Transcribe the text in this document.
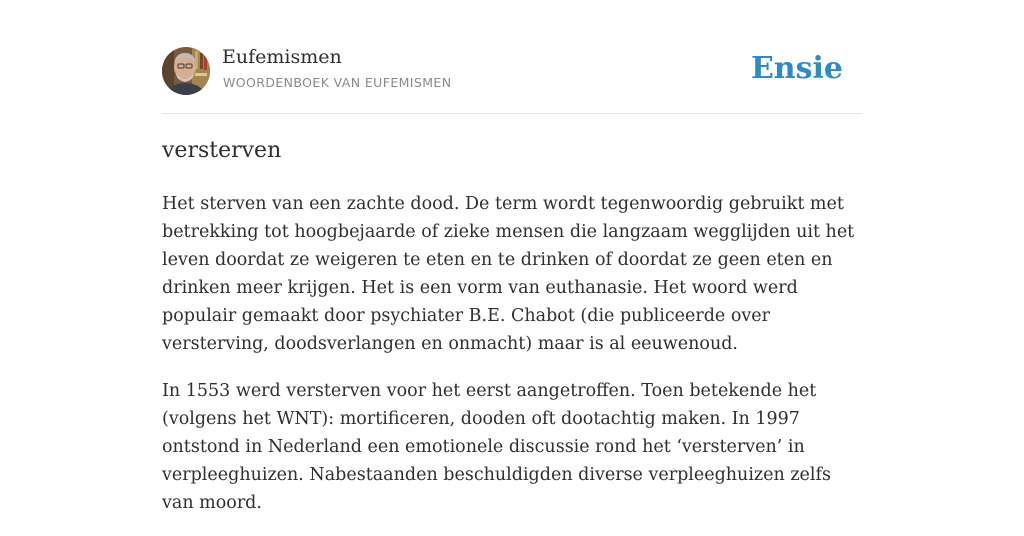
Eufemismen
WOORDENBOEK VAN EUFEMISMEN	Ensie
versterven

Het sterven van een zachte dood. De term wordt tegenwoordig gebruikt met betrekking tot hoogbejaarde of zieke mensen die langzaam wegglijden uit het leven doordat ze weigeren te eten en te drinken of doordat ze geen eten en drinken meer krijgen. Het is een vorm van euthanasie. Het woord werd populair gemaakt door psychiater B.E. Chabot (die publiceerde over versterving, doodsverlangen en onmacht) maar is al eeuwenoud.

In 1553 werd versterven voor het eerst aangetroffen. Toen betekende het (volgens het WNT): mortificeren, dooden oft dootachtig maken. In 1997 ontstond in Nederland een emotionele discussie rond het ‘versterven’ in verpleeghuizen. Nabestaanden beschuldigden diverse verpleeghuizen zelfs van moord.
